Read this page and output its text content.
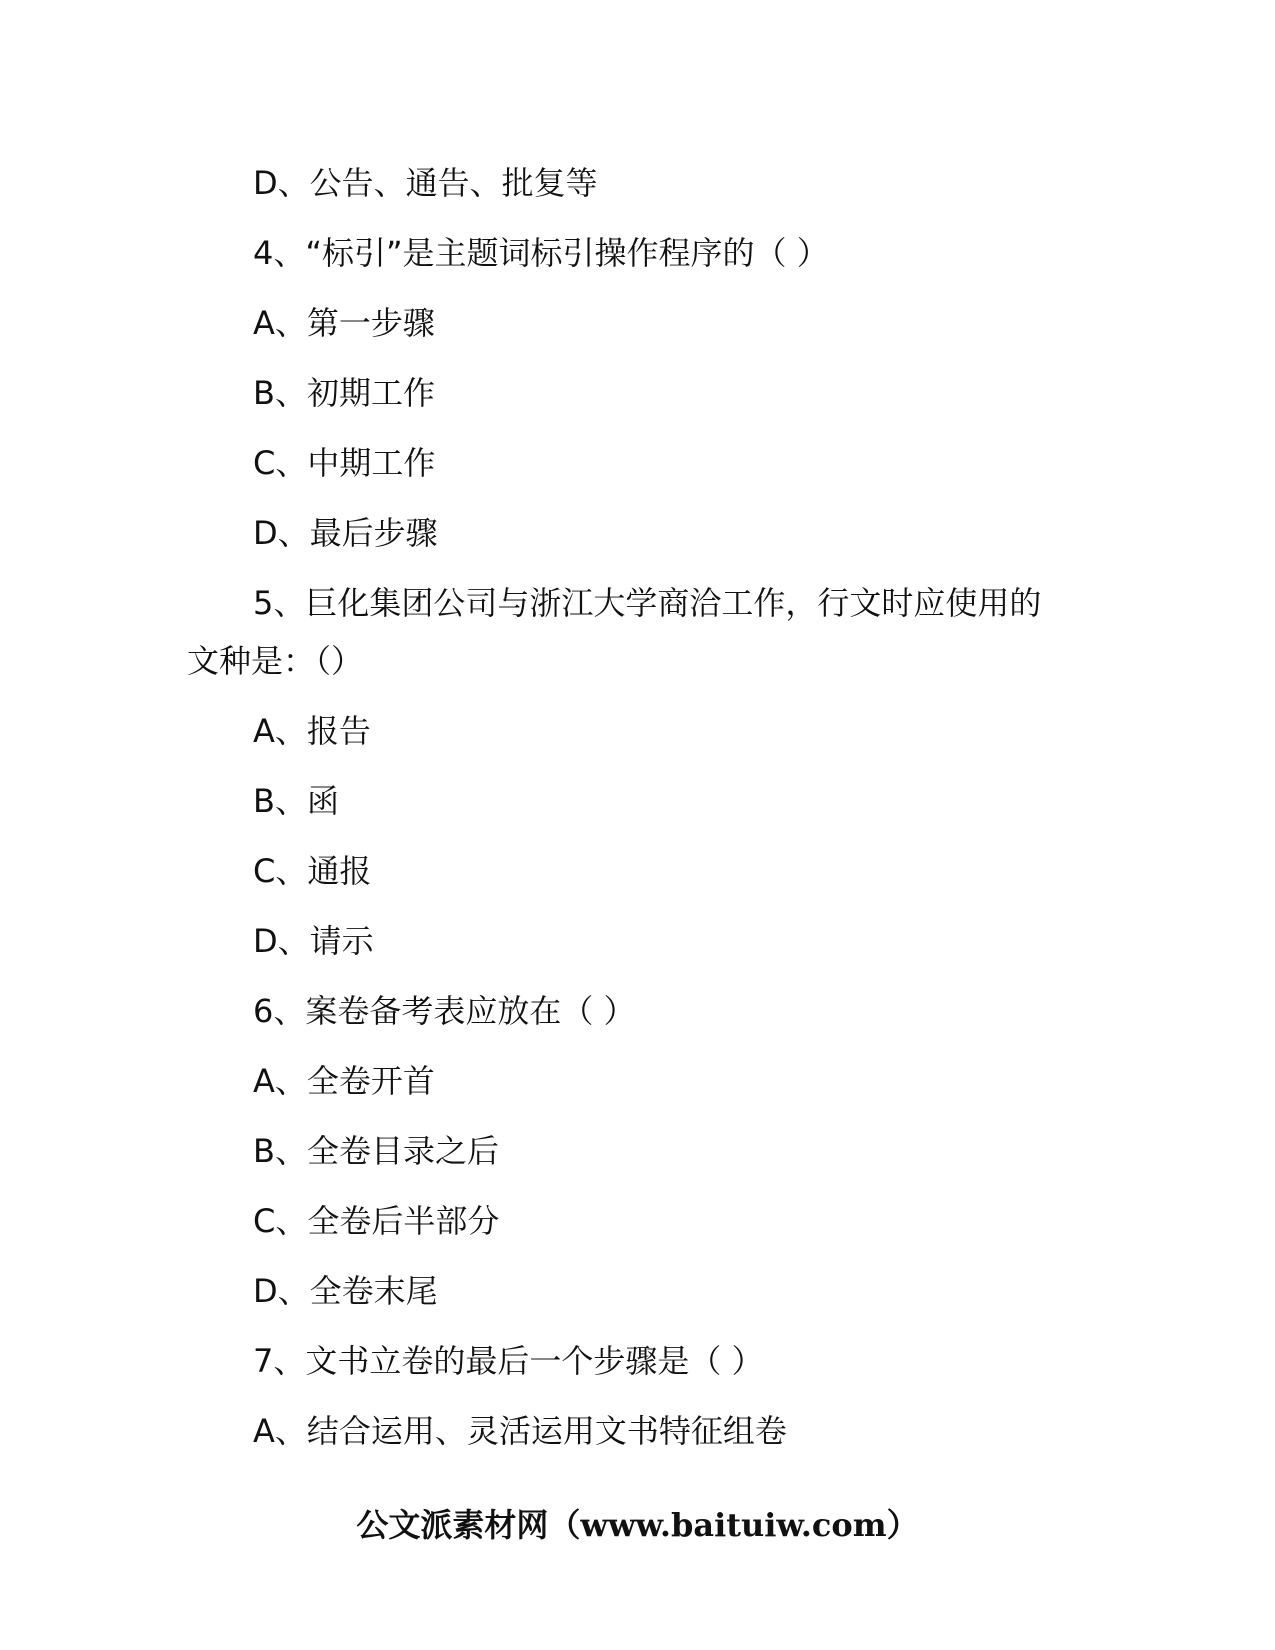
D、公告、通告、批复等
4、“标引”是主题词标引操作程序的（ ）
A、第一步骤
B、初期工作
C、中期工作
D、最后步骤
5、巨化集团公司与浙江大学商洽工作，行文时应使用的
文种是：（）
A、报告
B、函
C、通报
D、请示
6、案卷备考表应放在（ ）
A、全卷开首
B、全卷目录之后
C、全卷后半部分
D、全卷末尾
7、文书立卷的最后一个步骤是（ ）
A、结合运用、灵活运用文书特征组卷
公文派素材网（www.baituiw.com）
